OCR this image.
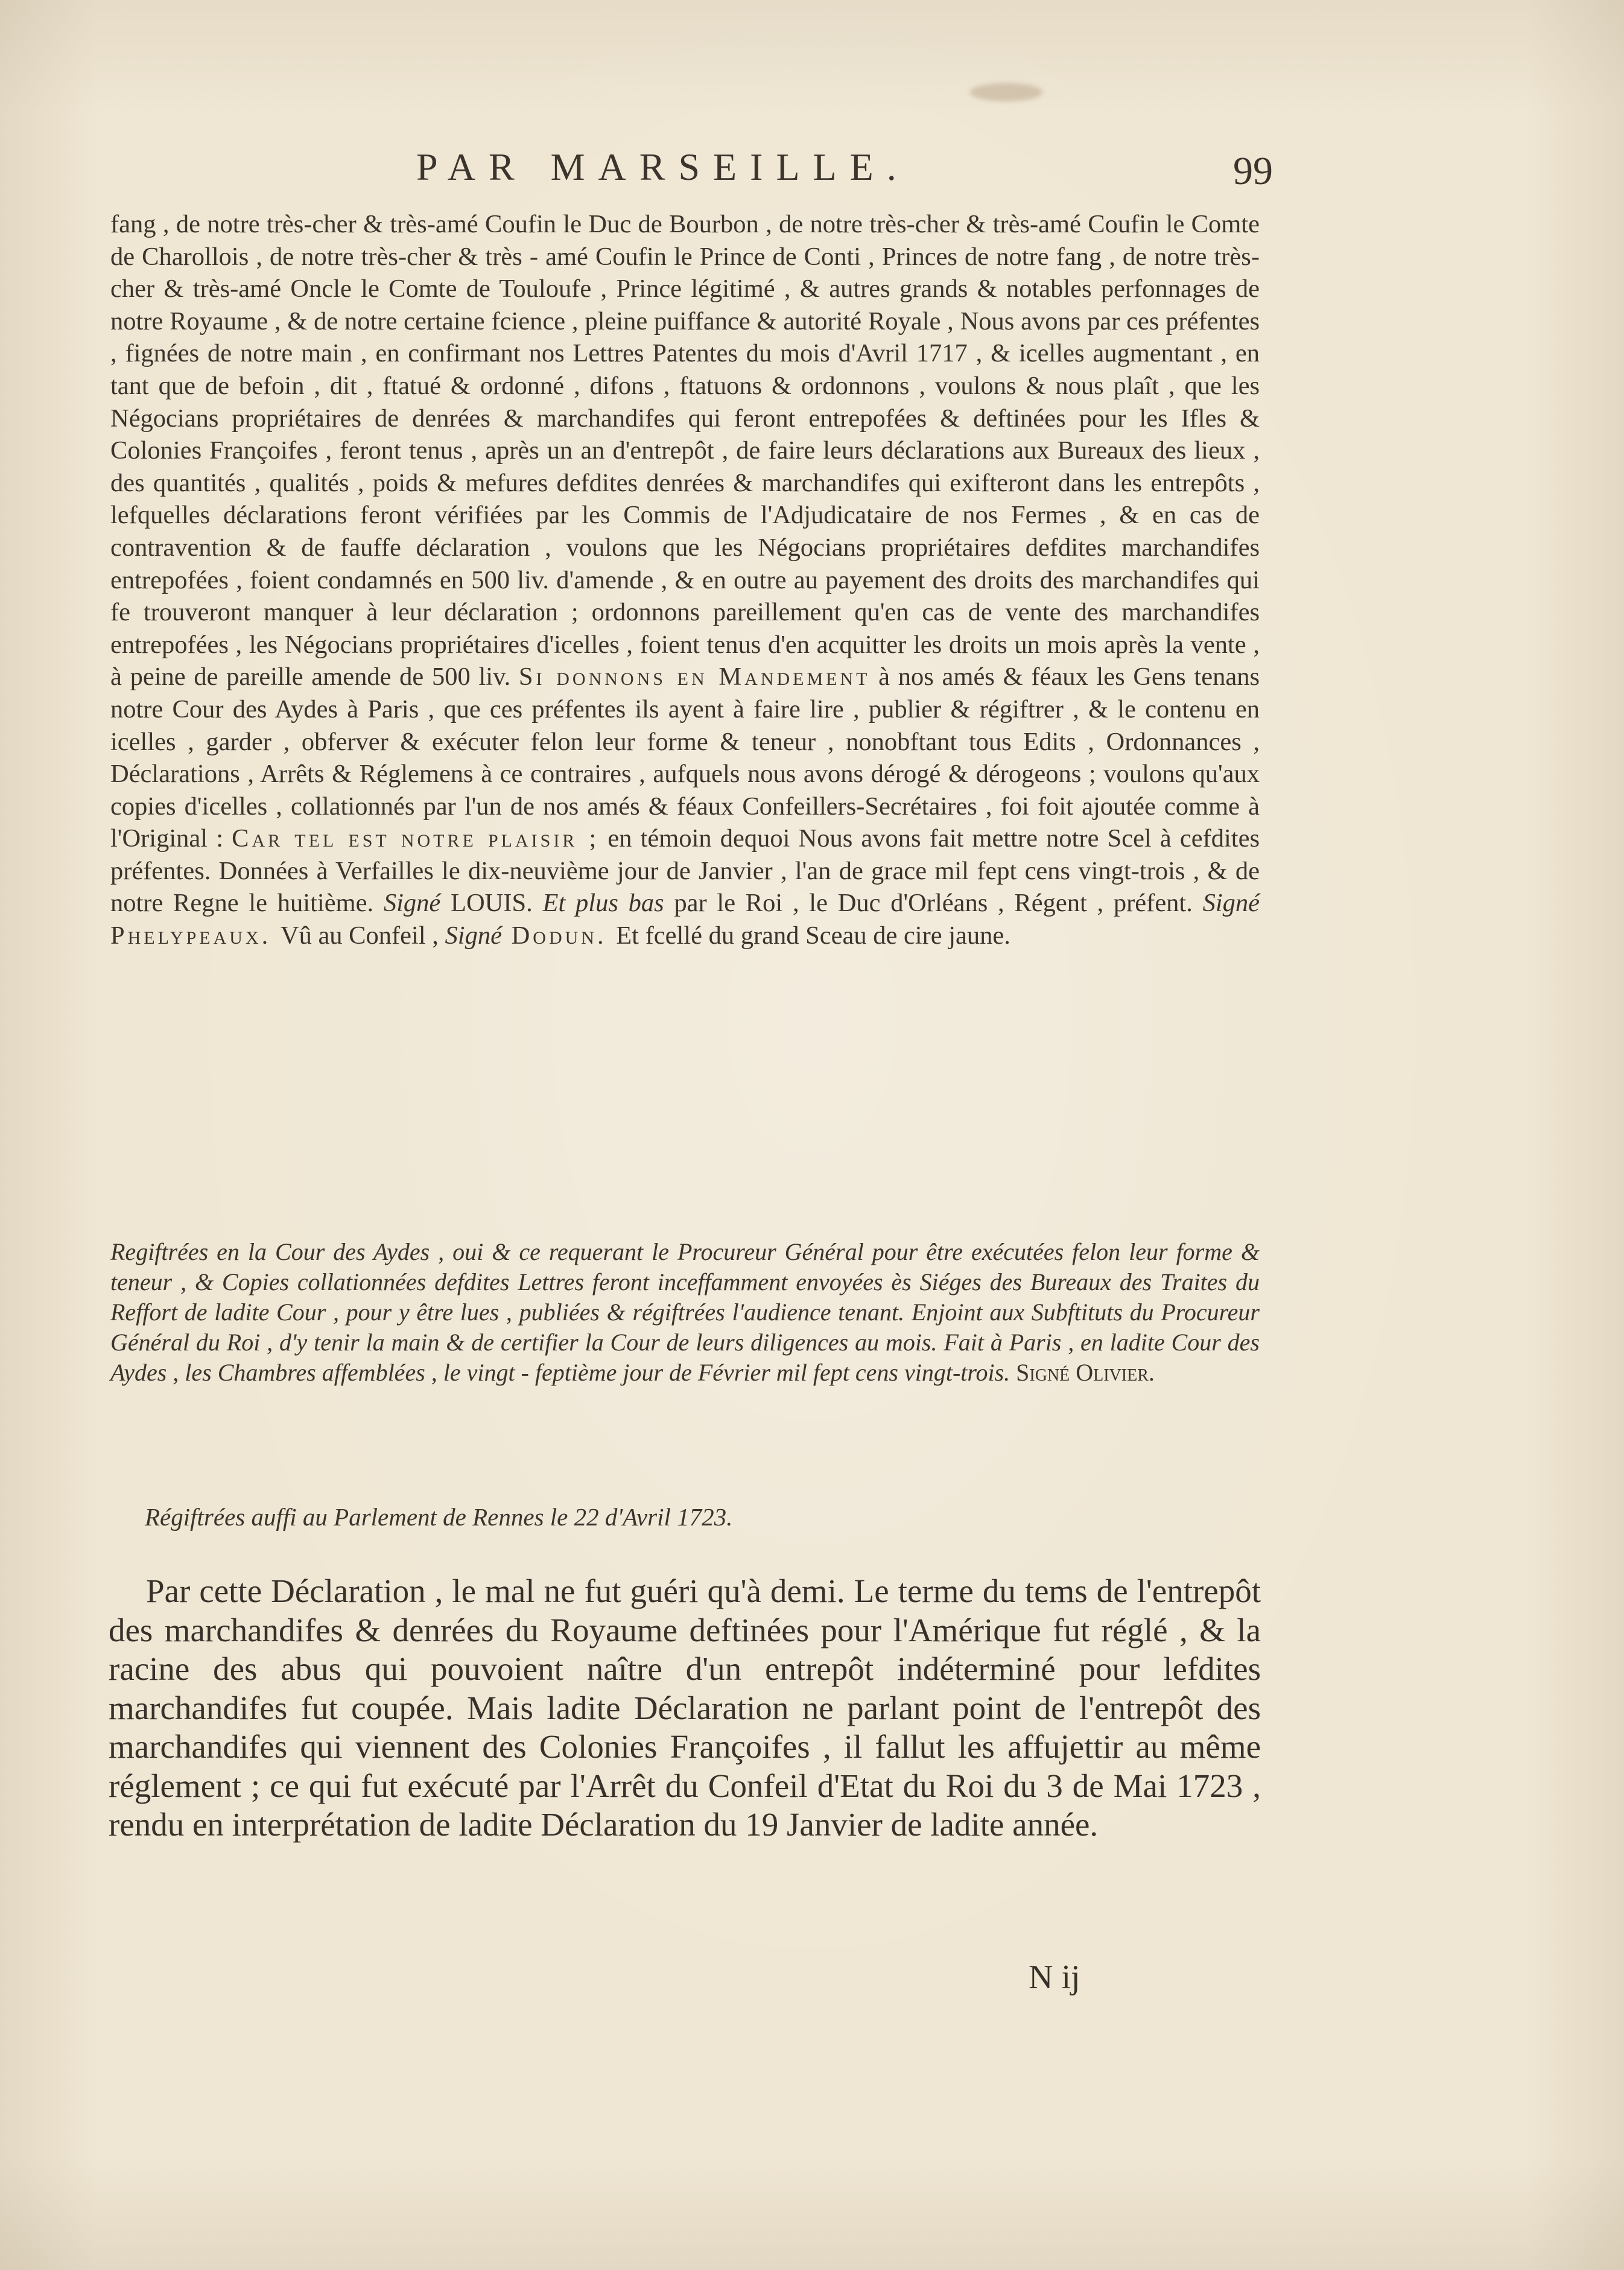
PAR MARSEILLE.	99

fang , de notre très-cher & très-amé Coufin le Duc de Bourbon , de notre très-cher & très-amé Coufin le Comte de Charollois , de notre très-cher & très - amé Coufin le Prince de Conti , Princes de notre fang , de notre très-cher & très-amé Oncle le Comte de Touloufe , Prince légitimé , & autres grands & notables perfonnages de notre Royaume , & de notre certaine fcience , pleine puiffance & autorité Royale , Nous avons par ces préfentes , fignées de notre main , en confirmant nos Lettres Patentes du mois d'Avril 1717 , & icelles augmentant , en tant que de befoin , dit , ftatué & ordonné , difons , ftatuons & ordonnons , voulons & nous plaît , que les Négocians propriétaires de denrées & marchandifes qui feront entrepofées & deftinées pour les Ifles & Colonies Françoifes , feront tenus , après un an d'entrepôt , de faire leurs déclarations aux Bureaux des lieux , des quantités , qualités , poids & mefures defdites denrées & marchandifes qui exifteront dans les entrepôts , lefquelles déclarations feront vérifiées par les Commis de l'Adjudicataire de nos Fermes , & en cas de contravention & de fauffe déclaration , voulons que les Négocians propriétaires defdites marchandifes entrepofées , foient condamnés en 500 liv. d'amende , & en outre au payement des droits des marchandifes qui fe trouveront manquer à leur déclaration ; ordonnons pareillement qu'en cas de vente des marchandifes entrepofées , les Négocians propriétaires d'icelles , foient tenus d'en acquitter les droits un mois après la vente , à peine de pareille amende de 500 liv. Si donnons en Mandement à nos amés & féaux les Gens tenans notre Cour des Aydes à Paris , que ces préfentes ils ayent à faire lire , publier & régiftrer , & le contenu en icelles , garder , obferver & exécuter felon leur forme & teneur , nonobftant tous Edits , Ordonnances , Déclarations , Arrêts & Réglemens à ce contraires , aufquels nous avons dérogé & dérogeons ; voulons qu'aux copies d'icelles , collationnés par l'un de nos amés & féaux Confeillers-Secrétaires , foi foit ajoutée comme à l'Original : Car tel est notre plaisir ; en témoin dequoi Nous avons fait mettre notre Scel à cefdites préfentes. Données à Verfailles le dix-neuvième jour de Janvier , l'an de grace mil fept cens vingt-trois , & de notre Regne le huitième. Signé LOUIS. Et plus bas par le Roi , le Duc d'Orléans , Régent , préfent. Signé Phelypeaux. Vû au Confeil , Signé Dodun. Et fcellé du grand Sceau de cire jaune.

Regiftrées en la Cour des Aydes , oui & ce requerant le Procureur Général pour être exécutées felon leur forme & teneur , & Copies collationnées defdites Lettres feront inceffamment envoyées ès Siéges des Bureaux des Traites du Reffort de ladite Cour , pour y être lues , publiées & régiftrées l'audience tenant. Enjoint aux Subftituts du Procureur Général du Roi , d'y tenir la main & de certifier la Cour de leurs diligences au mois. Fait à Paris , en ladite Cour des Aydes , les Chambres affemblées , le vingt - feptième jour de Février mil fept cens vingt-trois. Signé Olivier.

Régiftrées auffi au Parlement de Rennes le 22 d'Avril 1723.

Par cette Déclaration , le mal ne fut guéri qu'à demi. Le terme du tems de l'entrepôt des marchandifes & denrées du Royaume deftinées pour l'Amérique fut réglé , & la racine des abus qui pouvoient naître d'un entrepôt indéterminé pour lefdites marchandifes fut coupée. Mais ladite Déclaration ne parlant point de l'entrepôt des marchandifes qui viennent des Colonies Françoifes , il fallut les affujettir au même réglement ; ce qui fut exécuté par l'Arrêt du Confeil d'Etat du Roi du 3 de Mai 1723 , rendu en interprétation de ladite Déclaration du 19 Janvier de ladite année.

N ij
